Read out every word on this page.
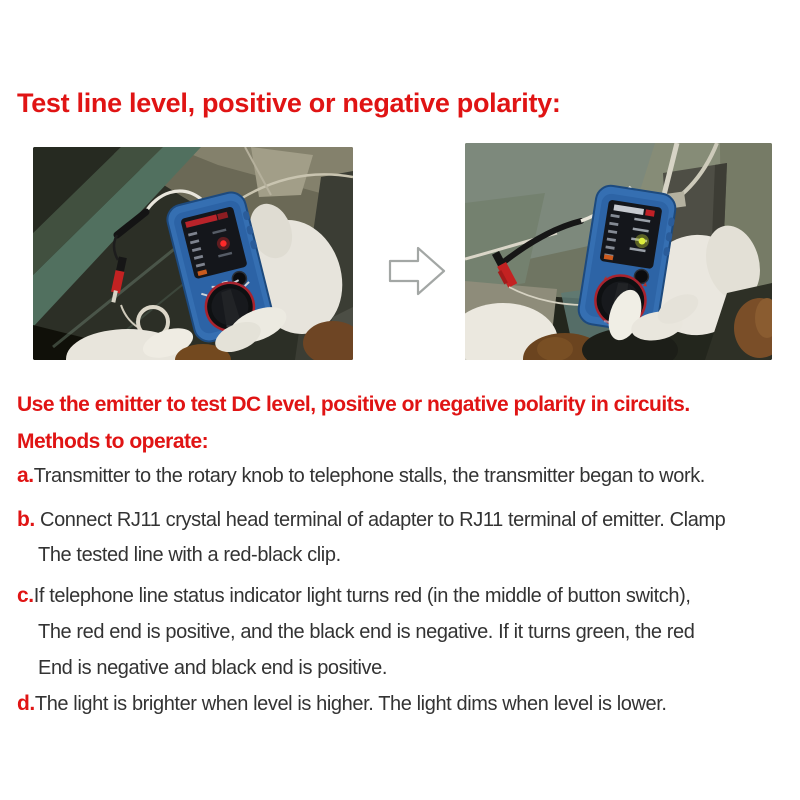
Test line level, positive or negative polarity:
Use the emitter to test DC level, positive or negative polarity in circuits.
Methods to operate:
a.Transmitter to the rotary knob to telephone stalls, the transmitter began to work.
b. Connect RJ11 crystal head terminal of adapter to RJ11 terminal of emitter. Clamp
The tested line with a red-black clip.
c.If telephone line status indicator light turns red (in the middle of button switch),
The red end is positive, and the black end is negative. If it turns green, the red
End is negative and black end is positive.
d.The light is brighter when level is higher. The light dims when level is lower.
